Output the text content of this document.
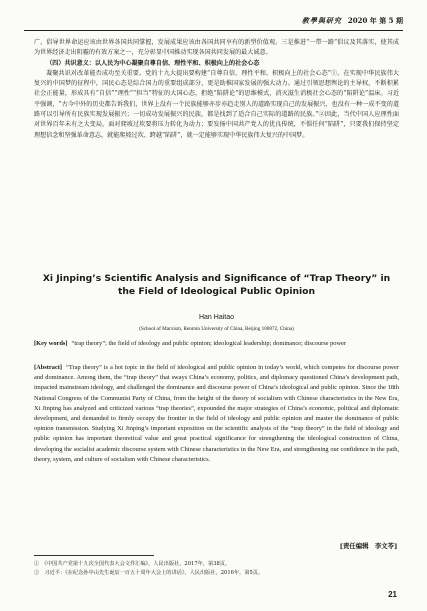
教學與研究 2020 年 第 5 期

广，倡导世界命运应该由世界各国共同掌握，发展成果应该由各国共同享有的新型价值观。三是推进“一带一路”倡议及其落实，使其成为世界经济走出阴霾的有效方案之一，充分彰显中国推动实现各国共同发展的最大诚意。

（四）共识意义：以人民为中心凝聚自尊自信、理性平和、积极向上的社会心态

凝聚共识对改革能否成功至关重要。党的十九大提出要构建“自尊自信、理性平和、积极向上的社会心态”①。在实现中华民族伟大复兴的中国梦的征程中，国民心态是综合国力的重要组成部分，更是助推国家发展的强大动力。通过引领思想舆论的主导权，不断积累社会正能量，形成具有“自信”“理性”“担当”特征的大国心态，拒绝“陷阱论”的思维模式，消灭滋生消极社会心态的“陷阱论”温床。习近平强调，“古今中外的历史都告诉我们，世界上没有一个民族能够亦步亦趋走别人的道路实现自己的发展振兴，也没有一种一成不变的道路可以引导所有民族实现发展振兴；一切成功发展振兴的民族，都是找到了适合自己实际的道路的民族。”②因此，当代中国人应理性面对世界百年未有之大变局，面对爬坡过坎要将压力转化为动力；要发扬中国共产党人的优良传统，不惧任何“陷阱”，只要我们保持坚定理想信念和坚强革命意志，就能爬坡过坎、跨越“陷阱”，就一定能够实现中华民族伟大复兴的中国梦。

Xi Jinping’s Scientific Analysis and Significance of “Trap Theory” in the Field of Ideological Public Opinion
Han Haitao
(School of Marxism, Renmin University of China, Beijing 100872, China)
[Key words] “trap theory”; the field of ideology and public opinion; ideological leadership; dominance; discourse power
[Abstract] “Trap theory” is a hot topic in the field of ideological and public opinion in today’s world, which competes for discourse power and dominance. Among them, the “trap theory” that sways China’s economy, politics, and diplomacy questioned China’s development path, impacted mainstream ideology, and challenged the dominance and discourse power of China’s ideological and public opinion. Since the 18th National Congress of the Communist Party of China, from the height of the theory of socialism with Chinese characteristics in the New Era, Xi Jinping has analyzed and criticized various “trap theories”, expounded the major strategies of China’s economic, political and diplomatic development, and demanded to firmly occupy the frontier in the field of ideology and public opinion and master the dominance of public opinion transmission. Studying Xi Jinping’s important exposition on the scientific analysis of the “trap theory” in the field of ideology and public opinion has important theoretical value and great practical significance for strengthening the ideological construction of China, developing the socialist academic discourse system with Chinese characteristics in the New Era, and strengthening our confidence in the path, theory, system, and culture of socialism with Chinese characteristics.
[责任编辑　李文苓]

①　《中国共产党第十九次全国代表大会文件汇编》，人民出版社，2017年，第38页。

②　习近平：《在纪念孙中山先生诞辰一百五十周年大会上的讲话》，人民出版社，2016年，第5页。

21
